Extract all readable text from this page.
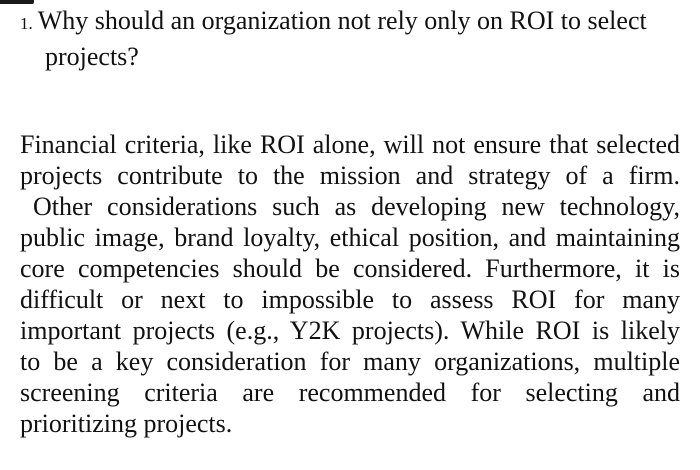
1. Why should an organization not rely only on ROI to select
projects?
Financial criteria, like ROI alone, will not ensure that selected
projects contribute to the mission and strategy of a firm.
Other considerations such as developing new technology,
public image, brand loyalty, ethical position, and maintaining
core competencies should be considered. Furthermore, it is
difficult or next to impossible to assess ROI for many
important projects (e.g., Y2K projects). While ROI is likely
to be a key consideration for many organizations, multiple
screening criteria are recommended for selecting and
prioritizing projects.
